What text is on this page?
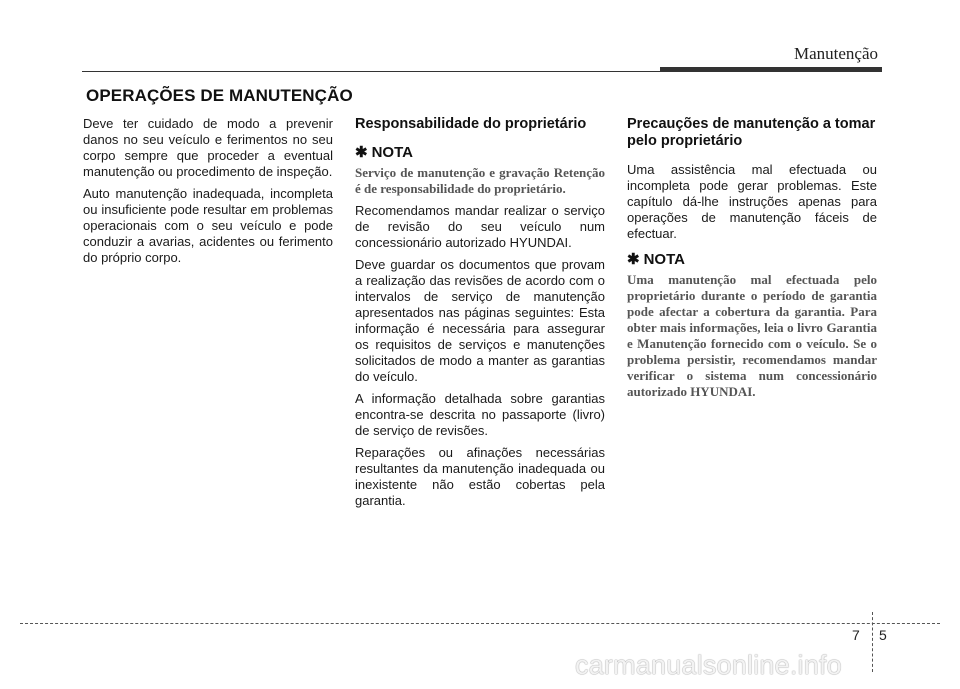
Manutenção
OPERAÇÕES DE MANUTENÇÃO

Deve ter cuidado de modo a prevenir danos no seu veículo e ferimentos no seu corpo sempre que proceder a eventual manutenção ou procedimento de inspeção.

Auto manutenção inadequada, incompleta ou insuficiente pode resultar em problemas operacionais com o seu veículo e pode conduzir a avarias, acidentes ou ferimento do próprio corpo.

Responsabilidade do proprietário
✱ NOTA

Serviço de manutenção e gravação Retenção é de responsabilidade do proprietário.

Recomendamos mandar realizar o serviço de revisão do seu veículo num concessionário autorizado HYUNDAI.

Deve guardar os documentos que provam a realização das revisões de acordo com o intervalos de serviço de manutenção apresentados nas páginas seguintes: Esta informação é necessária para assegurar os requisitos de serviços e manutenções solicitados de modo a manter as garantias do veículo.

A informação detalhada sobre garantias encontra-se descrita no passaporte (livro) de serviço de revisões.

Reparações ou afinações necessárias resultantes da manutenção inadequada ou inexistente não estão cobertas pela garantia.

Precauções de manutenção a tomar pelo proprietário

Uma assistência mal efectuada ou incompleta pode gerar problemas. Este capítulo dá-lhe instruções apenas para operações de manutenção fáceis de efectuar.

✱ NOTA

Uma manutenção mal efectuada pelo proprietário durante o período de garantia pode afectar a cobertura da garantia. Para obter mais informações, leia o livro Garantia e Manutenção fornecido com o veículo. Se o problema persistir, recomendamos mandar verificar o sistema num concessionário autorizado HYUNDAI.

7 5
carmanualsonline.info
